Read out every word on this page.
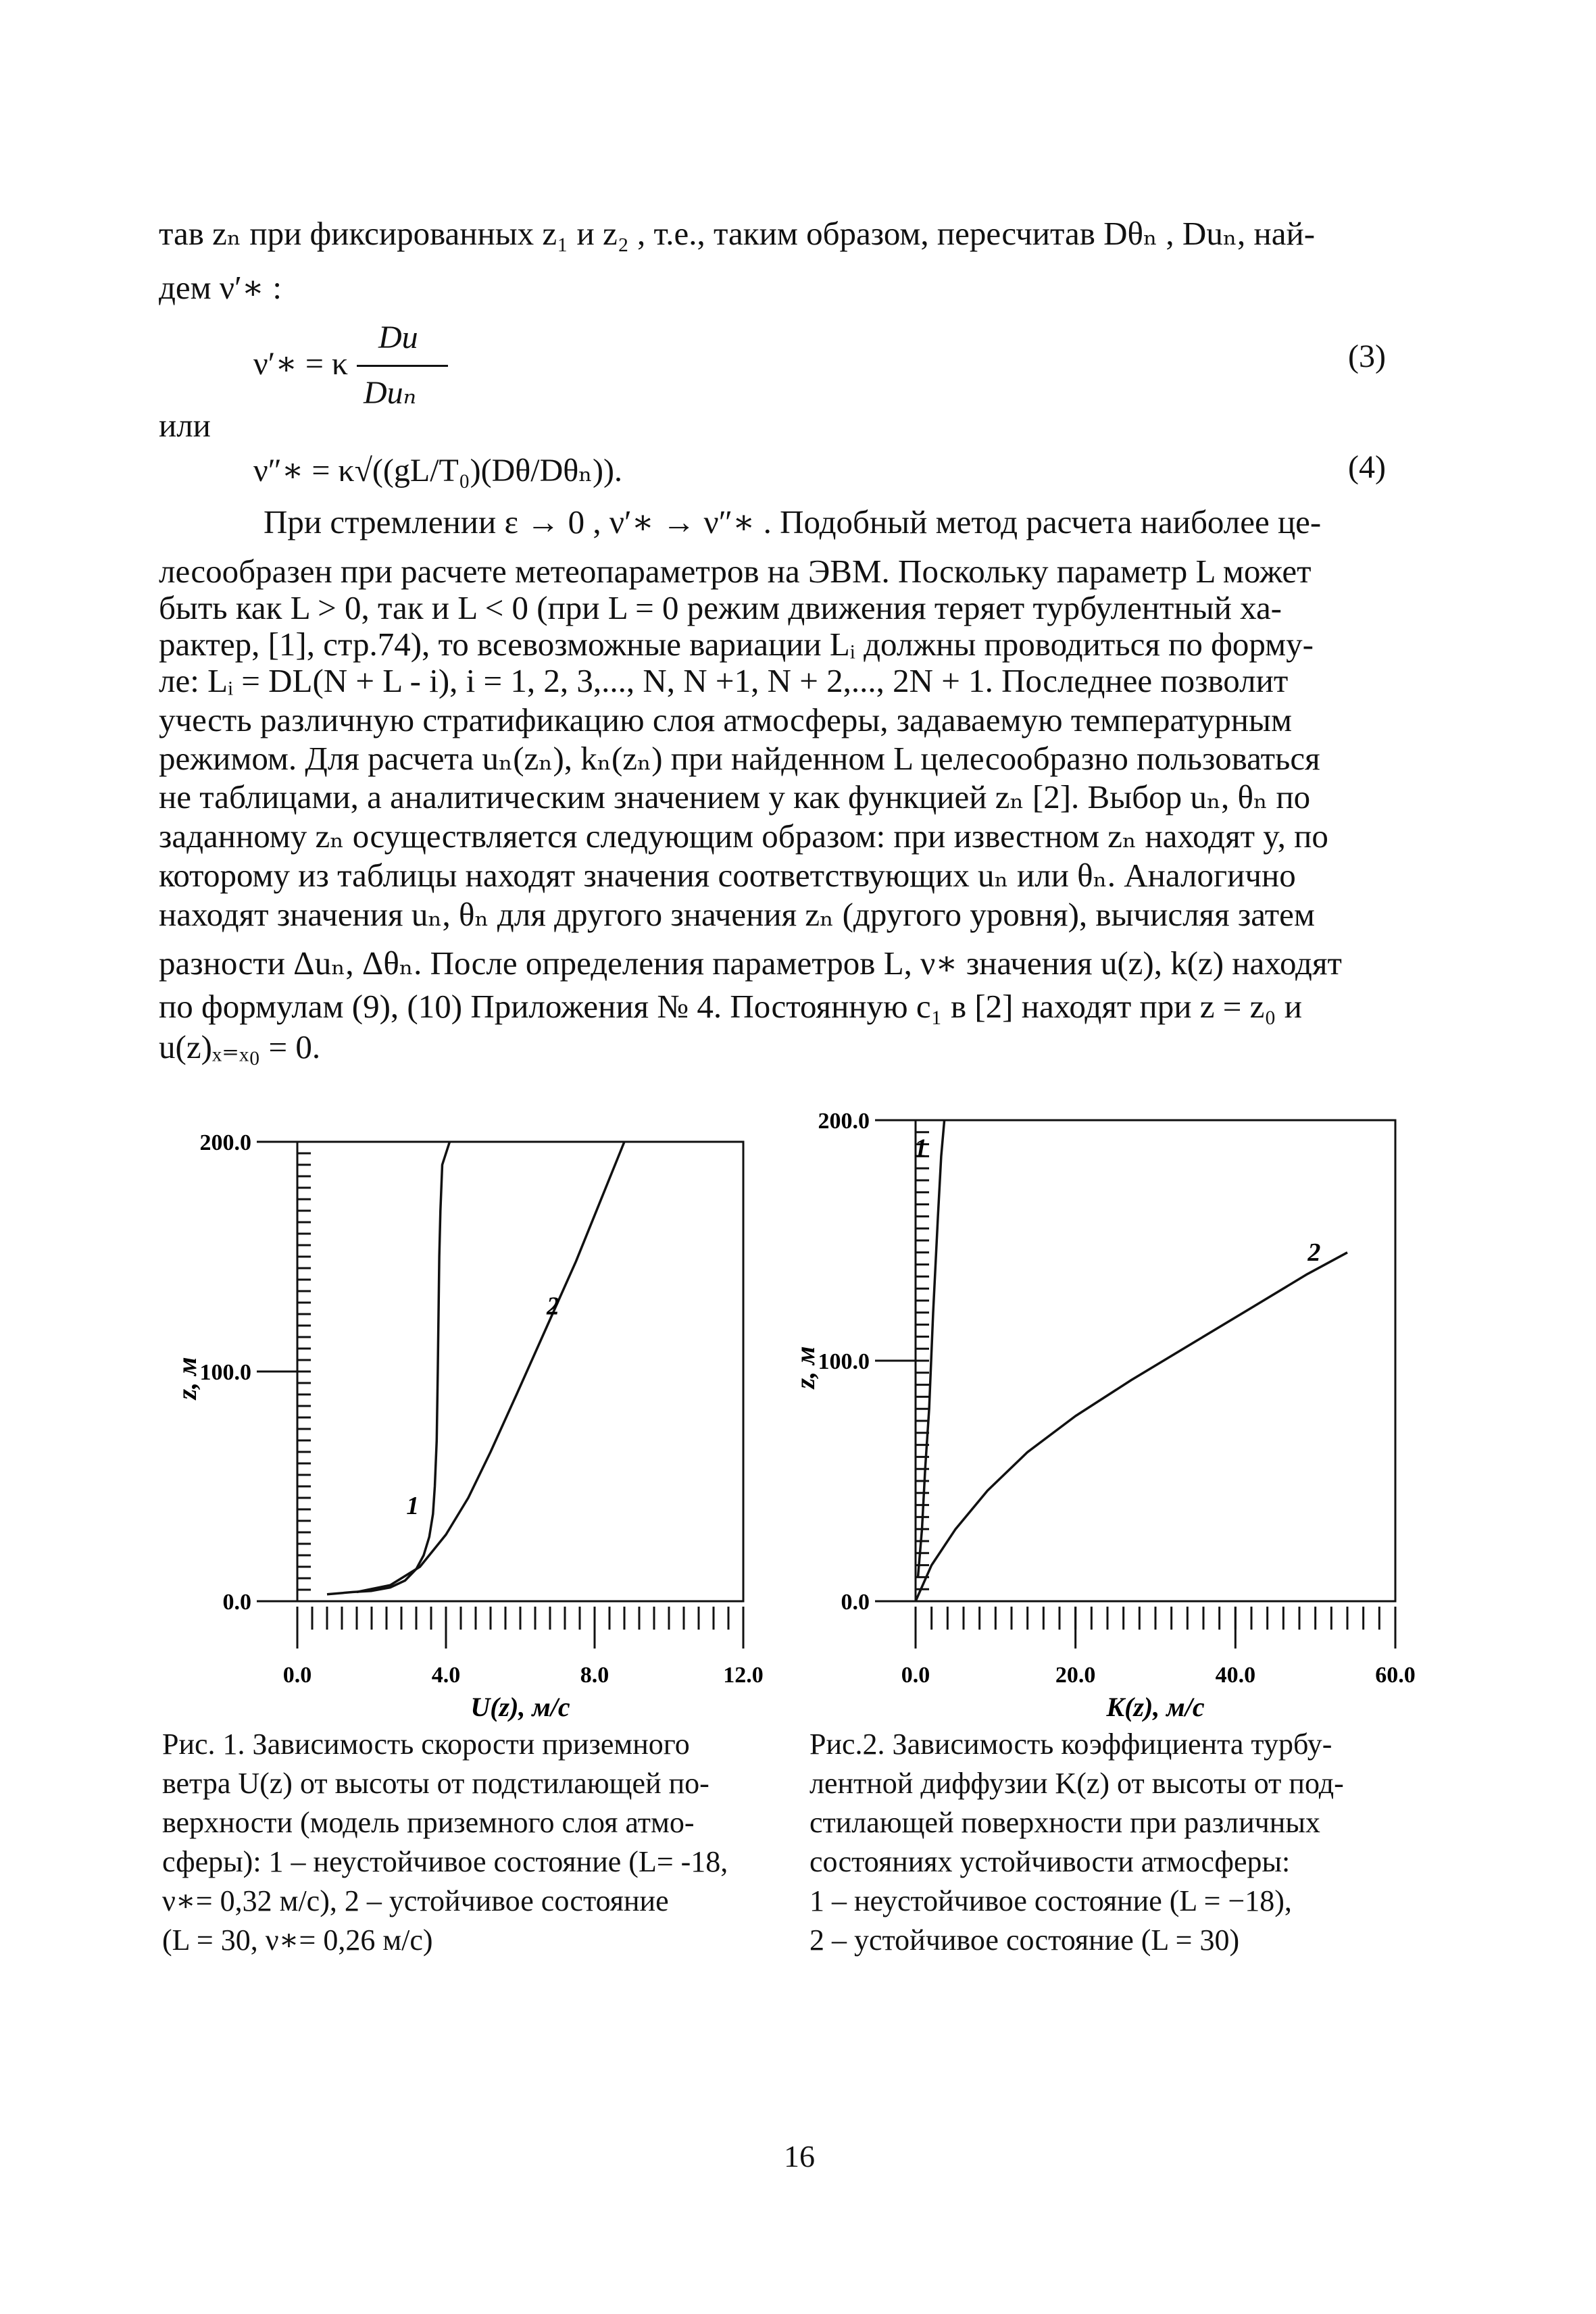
тав zₙ при фиксированных z₁ и z₂ , т.е., таким образом, пересчитав Dθₙ , Duₙ, най-
дем ν′∗ :
ν′∗ = κ
Du
Duₙ
(3)
или
ν″∗ = κ√((gL/T₀)(Dθ/Dθₙ)).	(4)
При стремлении ε → 0 , ν′∗ → ν″∗ . Подобный метод расчета наиболее це-
лесообразен при расчете метеопараметров на ЭВМ. Поскольку параметр L может
быть как L > 0, так и L < 0 (при L = 0 режим движения теряет турбулентный ха-
рактер, [1], стр.74), то всевозможные вариации Lᵢ должны проводиться по форму-
ле: Lᵢ = DL(N + L - i), i = 1, 2, 3,..., N, N +1, N + 2,..., 2N + 1. Последнее позволит
учесть различную стратификацию слоя атмосферы, задаваемую температурным
режимом. Для расчета uₙ(zₙ), kₙ(zₙ) при найденном L целесообразно пользоваться
не таблицами, а аналитическим значением y как функцией zₙ [2]. Выбор uₙ, θₙ по
заданному zₙ осуществляется следующим образом: при известном zₙ находят y, по
которому из таблицы находят значения соответствующих uₙ или θₙ. Аналогично
находят значения uₙ, θₙ для другого значения zₙ (другого уровня), вычисляя затем
разности Δuₙ, Δθₙ. После определения параметров L, ν∗ значения u(z), k(z) находят
по формулам (9), (10) Приложения № 4. Постоянную c₁ в [2] находят при z = z₀ и
u(z)ₓ₌ₓ₀ = 0.
Рис. 1. Зависимость скорости приземного
ветра U(z) от высоты от подстилающей по-
верхности (модель приземного слоя атмо-
сферы): 1 – неустойчивое состояние (L= -18,
ν∗= 0,32 м/с), 2 – устойчивое состояние
(L = 30, ν∗= 0,26 м/с)
Рис.2. Зависимость коэффициента турбу-
лентной диффузии K(z) от высоты от под-
стилающей поверхности при различных
состояниях устойчивости атмосферы:
1 – неустойчивое состояние (L = −18),
2 – устойчивое состояние (L = 30)
16
0.0	4.0	8.0	12.0
0.0
100.0
200.0
U(z), м/с
z, м
1
2
0.0	20.0	40.0	60.0
0.0
100.0
200.0
K(z), м/с
z, м
1
2
